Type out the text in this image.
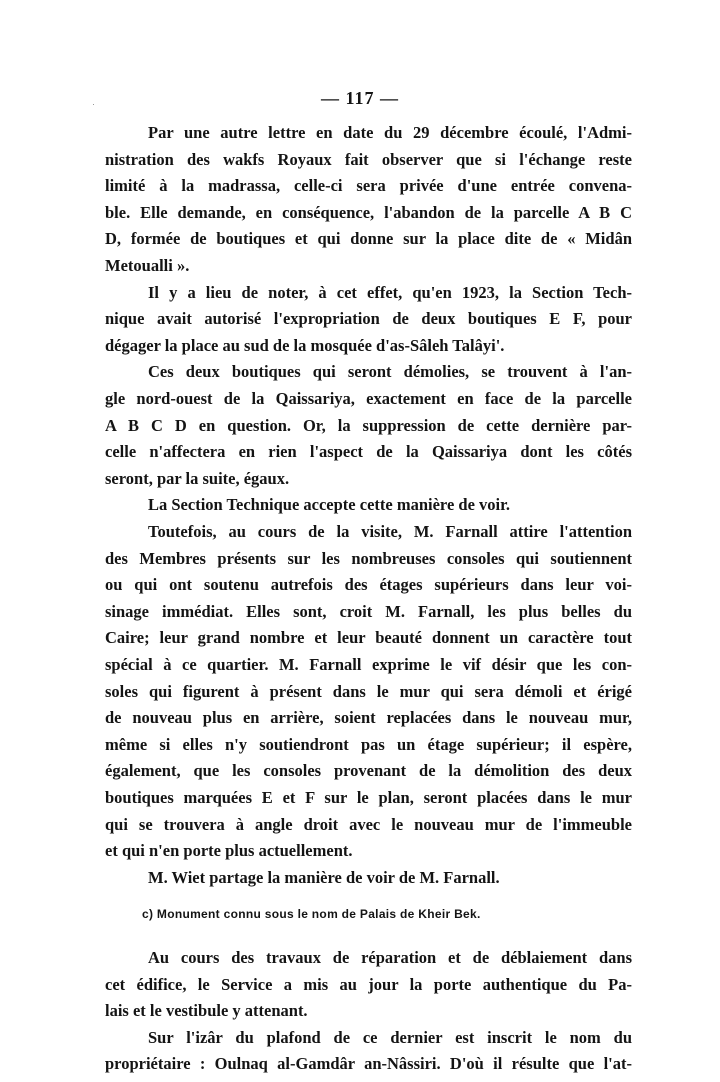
— 117 —
c) Monument connu sous le nom de Palais de Kheir Bek.
Par une autre lettre en date du 29 décembre écoulé, l'Admi-
nistration des wakfs Royaux fait observer que si l'échange reste
limité à la madrassa, celle-ci sera privée d'une entrée convena-
ble. Elle demande, en conséquence, l'abandon de la parcelle A B C
D, formée de boutiques et qui donne sur la place dite de « Midân
Metoualli ».
Il y a lieu de noter, à cet effet, qu'en 1923, la Section Tech-
nique avait autorisé l'expropriation de deux boutiques E F, pour
dégager la place au sud de la mosquée d'as-Sâleh Talâyi'.
Ces deux boutiques qui seront démolies, se trouvent à l'an-
gle nord-ouest de la Qaissariya, exactement en face de la parcelle
A B C D en question. Or, la suppression de cette dernière par-
celle n'affectera en rien l'aspect de la Qaissariya dont les côtés
seront, par la suite, égaux.
La Section Technique accepte cette manière de voir.
Toutefois, au cours de la visite, M. Farnall attire l'attention
des Membres présents sur les nombreuses consoles qui soutiennent
ou qui ont soutenu autrefois des étages supérieurs dans leur voi-
sinage immédiat. Elles sont, croit M. Farnall, les plus belles du
Caire; leur grand nombre et leur beauté donnent un caractère tout
spécial à ce quartier. M. Farnall exprime le vif désir que les con-
soles qui figurent à présent dans le mur qui sera démoli et érigé
de nouveau plus en arrière, soient replacées dans le nouveau mur,
même si elles n'y soutiendront pas un étage supérieur; il espère,
également, que les consoles provenant de la démolition des deux
boutiques marquées E et F sur le plan, seront placées dans le mur
qui se trouvera à angle droit avec le nouveau mur de l'immeuble
et qui n'en porte plus actuellement.
M. Wiet partage la manière de voir de M. Farnall.
Au cours des travaux de réparation et de déblaiement dans
cet édifice, le Service a mis au jour la porte authentique du Pa-
lais et le vestibule y attenant.
Sur l'izâr du plafond de ce dernier est inscrit le nom du
propriétaire : Oulnaq al-Gamdâr an-Nâssiri. D'où il résulte que l'at-
